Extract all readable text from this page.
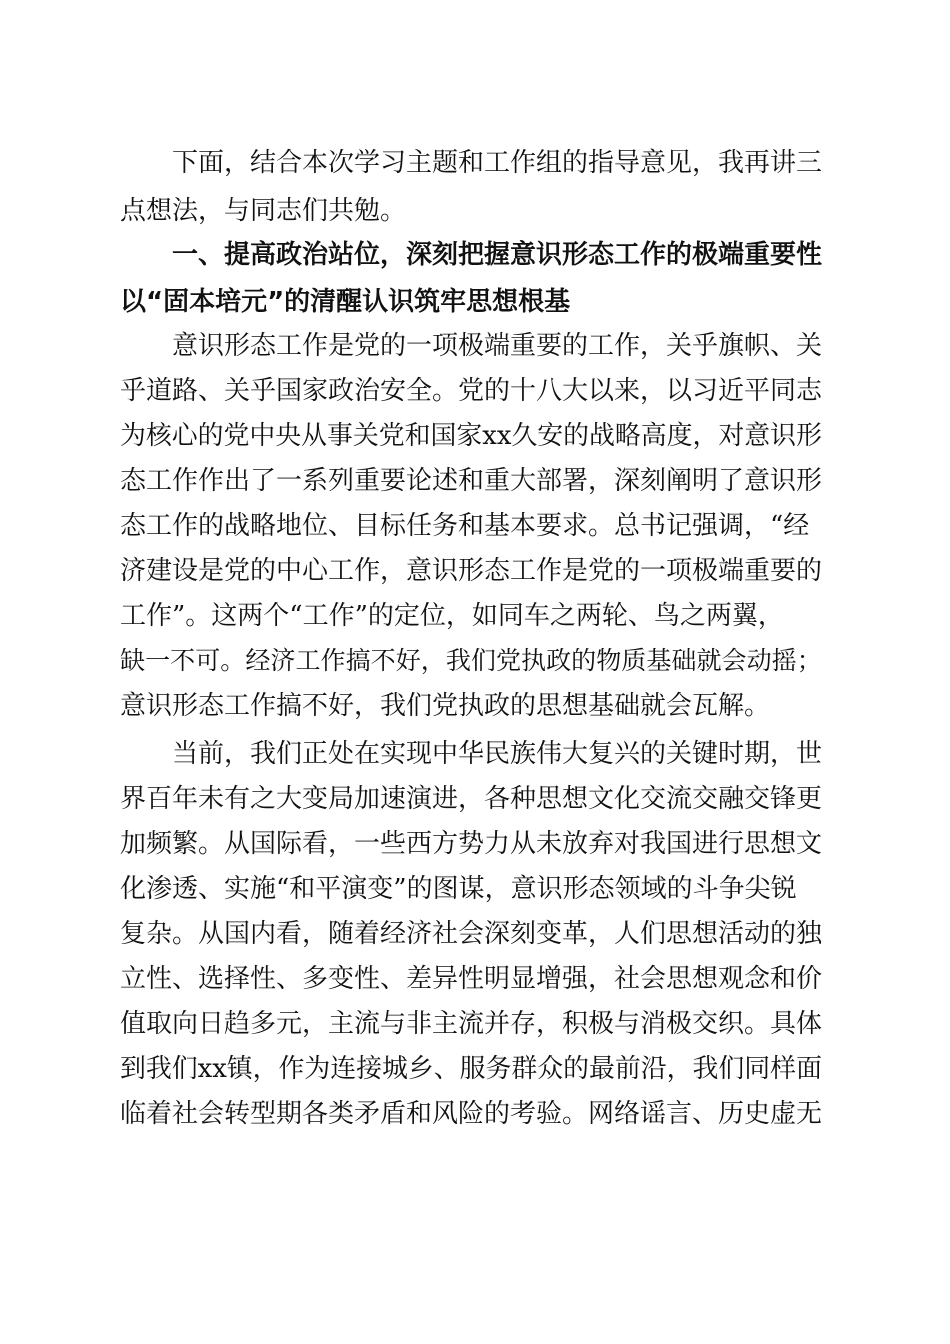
下面，结合本次学习主题和工作组的指导意见，我再讲三
点想法，与同志们共勉。
一、提高政治站位，深刻把握意识形态工作的极端重要性
以“固本培元”的清醒认识筑牢思想根基
意识形态工作是党的一项极端重要的工作，关乎旗帜、关
乎道路、关乎国家政治安全。党的十八大以来，以习近平同志
为核心的党中央从事关党和国家xx久安的战略高度，对意识形
态工作作出了一系列重要论述和重大部署，深刻阐明了意识形
态工作的战略地位、目标任务和基本要求。总书记强调，“经
济建设是党的中心工作，意识形态工作是党的一项极端重要的
工作”。这两个“工作”的定位，如同车之两轮、鸟之两翼，
缺一不可。经济工作搞不好，我们党执政的物质基础就会动摇；
意识形态工作搞不好，我们党执政的思想基础就会瓦解。
当前，我们正处在实现中华民族伟大复兴的关键时期，世
界百年未有之大变局加速演进，各种思想文化交流交融交锋更
加频繁。从国际看，一些西方势力从未放弃对我国进行思想文
化渗透、实施“和平演变”的图谋，意识形态领域的斗争尖锐
复杂。从国内看，随着经济社会深刻变革，人们思想活动的独
立性、选择性、多变性、差异性明显增强，社会思想观念和价
值取向日趋多元，主流与非主流并存，积极与消极交织。具体
到我们xx镇，作为连接城乡、服务群众的最前沿，我们同样面
临着社会转型期各类矛盾和风险的考验。网络谣言、历史虚无
